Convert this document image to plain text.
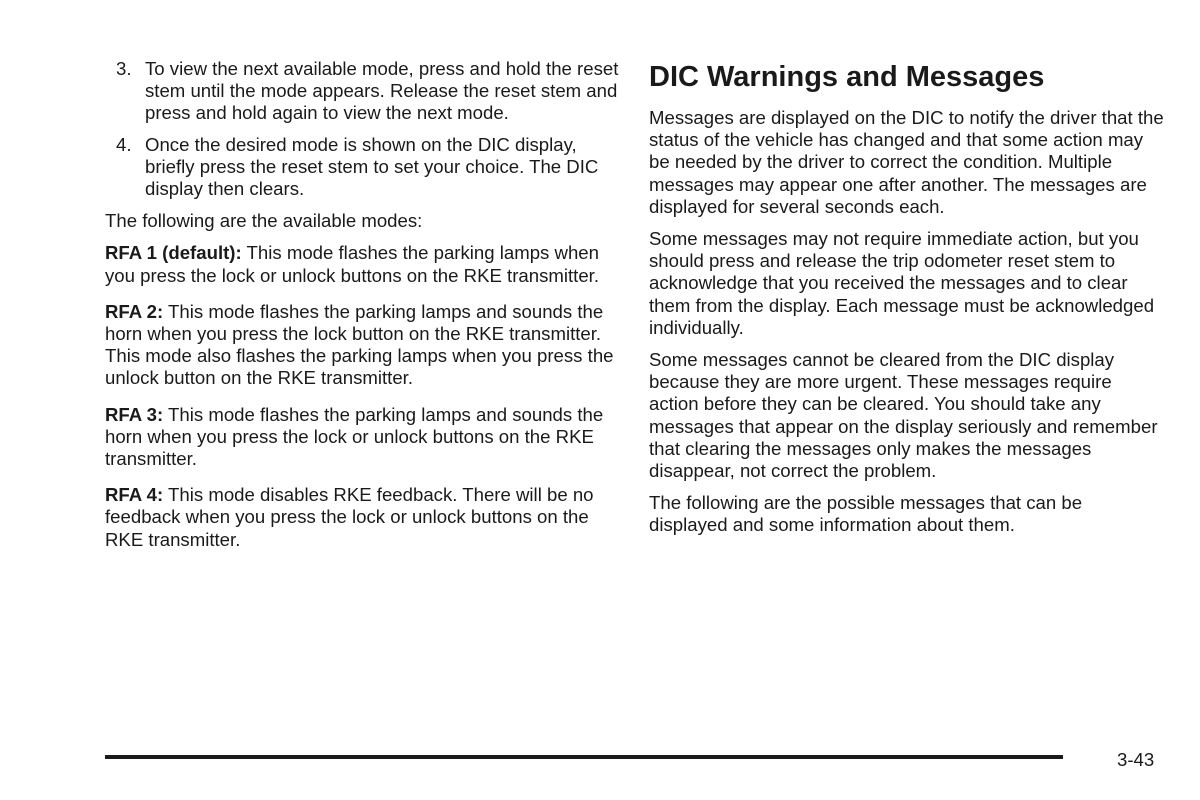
3. To view the next available mode, press and hold the reset stem until the mode appears. Release the reset stem and press and hold again to view the next mode.
4. Once the desired mode is shown on the DIC display, briefly press the reset stem to set your choice. The DIC display then clears.

The following are the available modes:

RFA 1 (default): This mode flashes the parking lamps when you press the lock or unlock buttons on the RKE transmitter.

RFA 2: This mode flashes the parking lamps and sounds the horn when you press the lock button on the RKE transmitter. This mode also flashes the parking lamps when you press the unlock button on the RKE transmitter.

RFA 3: This mode flashes the parking lamps and sounds the horn when you press the lock or unlock buttons on the RKE transmitter.

RFA 4: This mode disables RKE feedback. There will be no feedback when you press the lock or unlock buttons on the RKE transmitter.

DIC Warnings and Messages

Messages are displayed on the DIC to notify the driver that the status of the vehicle has changed and that some action may be needed by the driver to correct the condition. Multiple messages may appear one after another. The messages are displayed for several seconds each.

Some messages may not require immediate action, but you should press and release the trip odometer reset stem to acknowledge that you received the messages and to clear them from the display. Each message must be acknowledged individually.

Some messages cannot be cleared from the DIC display because they are more urgent. These messages require action before they can be cleared. You should take any messages that appear on the display seriously and remember that clearing the messages only makes the messages disappear, not correct the problem.

The following are the possible messages that can be displayed and some information about them.

3-43
